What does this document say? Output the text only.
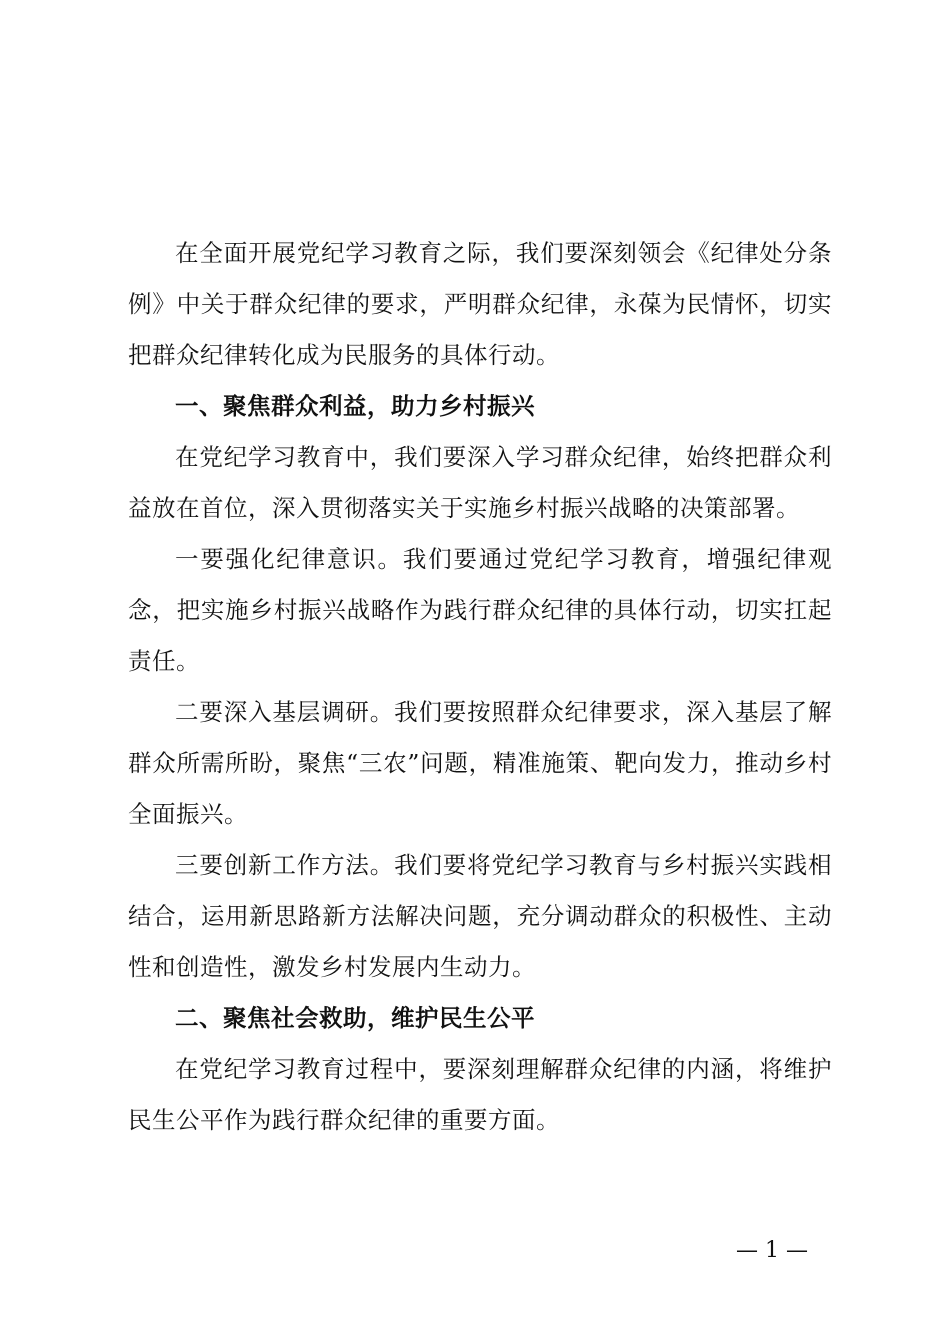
在全面开展党纪学习教育之际，我们要深刻领会《纪律处分条例》中关于群众纪律的要求，严明群众纪律，永葆为民情怀，切实把群众纪律转化成为民服务的具体行动。

一、聚焦群众利益，助力乡村振兴

在党纪学习教育中，我们要深入学习群众纪律，始终把群众利益放在首位，深入贯彻落实关于实施乡村振兴战略的决策部署。

一要强化纪律意识。我们要通过党纪学习教育，增强纪律观念，把实施乡村振兴战略作为践行群众纪律的具体行动，切实扛起责任。

二要深入基层调研。我们要按照群众纪律要求，深入基层了解群众所需所盼，聚焦“三农”问题，精准施策、靶向发力，推动乡村全面振兴。

三要创新工作方法。我们要将党纪学习教育与乡村振兴实践相结合，运用新思路新方法解决问题，充分调动群众的积极性、主动性和创造性，激发乡村发展内生动力。

二、聚焦社会救助，维护民生公平

在党纪学习教育过程中，要深刻理解群众纪律的内涵，将维护民生公平作为践行群众纪律的重要方面。

— 1 —
